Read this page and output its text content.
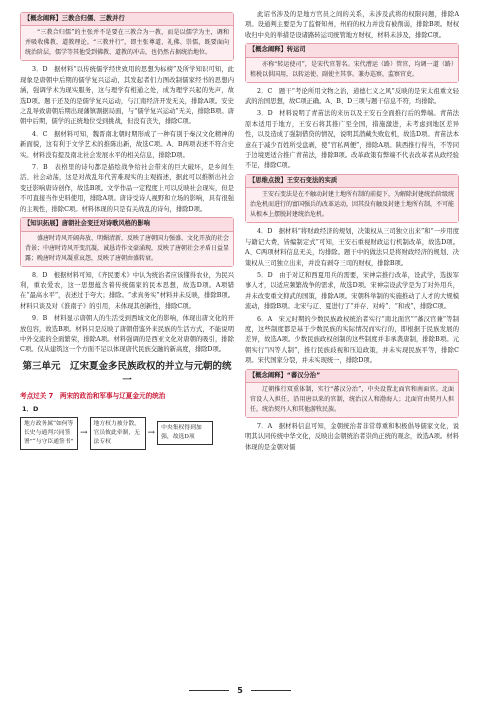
【概念阐释】三教合归儒、三教并行
“三教合归儒”的主张并不是要在三教合为一教，而是以儒学为主，调和并吸收佛教、道教理论。“三教并行”，即主张尊道、礼佛、崇儒，既要面向统治阶层，儒学等其他受到佛教、道教的冲击，也仍然占据统治地位。

3．D　据材料“以传统儒学经世致用的思想为标榜”及所学知识可知，此现象是唐朝中后期的儒学复兴运动，其发起者们力图改制儒家经书的思想内涵，强调学术为现实服务，这与理学有相通之处，成为理学兴起的先声，故选D项。题干还及的是儒学复兴运动，与江南经济开发无关，排除A项。安史之乱导致唐朝后期出现藩镇割据局面，与“儒学复兴运动”无关，排除B项。唐朝中后期，儒学的正统地位受到挑战，但没有丧失，排除C项。

4．C　据材料可知，魏晋南北朝时期形成了一种有别于秦汉文化精神的新面貌，这有利于文学艺术的推陈出新，故选C项。A、B两项表述不符合史实。材料没有提及南北社会发展水平的相关信息，排除D项。

7．B　表格里的诗句都是描绘战争给社会带来的巨大破坏，是乡间生活、社会动荡，这是对战乱年代苦难现实的主观描述，据此可以推断出社会变迁影响唐诗创作，故选B项。文学作品一定程度上可以反映社会现实，但是不可直接当作史料使用，排除A项。唐诗受诗人视野和立场的影响，具有很强的主观性，排除C项。材料体现的只是有关战乱的诗句，排除D项。

【知识拓展】唐朝社会变迁对诗歌风格的影响
盛唐时诗风开阔奔放、明媚清新，反映了唐朝国力强盛、文化开放的社会背景；中唐时诗风开变沉凝，诚恳诗作文豪涌现，反映了唐朝社会矛盾日益显露；晚唐时诗风凝重哀怨，反映了唐朝由盛转衰。

8．D　根据材料可知，《齐民要术》中认为统治者应该懂得农业，为民兴利，重农爱农，这一思想蕴含着传统儒家的民本思想，故选D项。A项错在“最高水平”，表述过于夸大；排除。“求真务实”材料并未反映，排除B项。材料只谈及对《淮南子》的引用，未体现其创新性，排除C项。

9．B　材料显示唐朝人的生活受到西域文化的影响，体现出唐文化的开放包容，故选B项。材料只是反映了唐朝借鉴外来民族的生活方式，不能说明中外交流的全面繁荣，排除A项。材料强调的是西亚文化对唐朝的吸引，排除C项。仅从建筑这一个方面不足以体现唐代民族交融的新高度，排除D项。

第三单元　辽宋夏金多民族政权的并立与元朝的统一
考点过关 7　两宋的政治和军事与辽夏金元的统治
1．D
地方政务属“如何等长史与通判兴同签署”“与守臣通签书”
→
地方权力被分散，官员彼此牵制，无法专权
→	中央集权得到加强，故选D项

此诏书涉及的是地方官员之间的关系，未涉及武将的权限问题，排除A项。设通判主要是为了监督知州，州府的权力并没有被削弱，排除B项。财权收归中央的举措是设诸路转运司统管地方财权，材料未涉及，排除C项。

【概念阐释】转运司
亦称“转运使司”，是宋代官署名。宋代漕运（路）管官，均调一道（路）租税以供国用，以转运使、副使主其事。兼办巡察，监察官吏。

2．C　题干“考论所用文物之治，道德仁义之风”反映的是宋太祖重文轻武的治国思想，故C项正确。A、B、D三项与题干信息不符，均排除。

3．D　材料说明了青苗法的来历以及王安石全面推行后的弊端。青苗法原本适用于地方，王安石将其推广至全国，措施激进，未考虑到地区差异性，以及造成了强制借贷的情况，说明其潜藏失败危机，故选D项。青苗法本意在于减少百姓所受盘剥，使“官私两便”，排除A项。陕西推行得当，不等同于边境更适合推广青苗法，排除B项。改革政策有弊端不代表改革者从政经验不足，排除C项。

【思维点拨】王安石变法的实质
王安石变法是在不触动封建土地所有制的前提下，为解除封建统治阶级统治危机而进行的富国强兵的改革运动，因其没有触及封建土地所有制，不可能从根本上摆脱封建统治危机。

4．D　据材料“将财政经济的规划，决策权从三司独立出来”和“一步用度与籍记大费，皆编制定式”可知，王安石重视财政运行机制改革，故选D项。A、C两项材料信息无关，均排除。题干中的做法只是将财政经济的规划、决策权从三司独立出来，并没有剥夺三司的财权，排除B项。

5．D　由于对辽和西夏用兵的需要，宋神宗推行改革，设武学，选拔军事人才，以适应频繁战争的需求，故选D项。宋神宗设武学是为了对外用兵，并未改变重文抑武的国策，排除A项。宋朝科举制的实施推动了人才的大规模流动，排除B项。北宋与辽、夏进行了“并存、对峙”、“和戎”，排除C项。

6．A　宋元时期的少数民族政权统治者实行“南北面官”“蕃汉官兼”等制度，这些制度都是基于少数民族的实际情况而实行的，即根据于民族发展的差异，故选A项。少数民族政权创制的这些制度并非承袭唐制，排除B项。元朝实行“四等人制”，推行民族歧视和压迫政策，并未实现民族平等，排除C项。宋代国家分裂，并未实现统一，排除D项。

【概念阐释】“蕃汉分治”
辽朝推行双重体制，实行“蕃汉分治”，中央设置北面官和南面官。北面官设人入担任，沿用唐以来的官制，统治汉人和渤海人；北面官由契丹人担任，统治契丹人和其他游牧民族。

7．A　据材料信息可知，金朝统治者非常尊重和积极倡导儒家文化，说明其认同传统中华文化，反映出金朝统治者崇尚正统的观念，故选A项。材料体现的是金朝对儒

5
